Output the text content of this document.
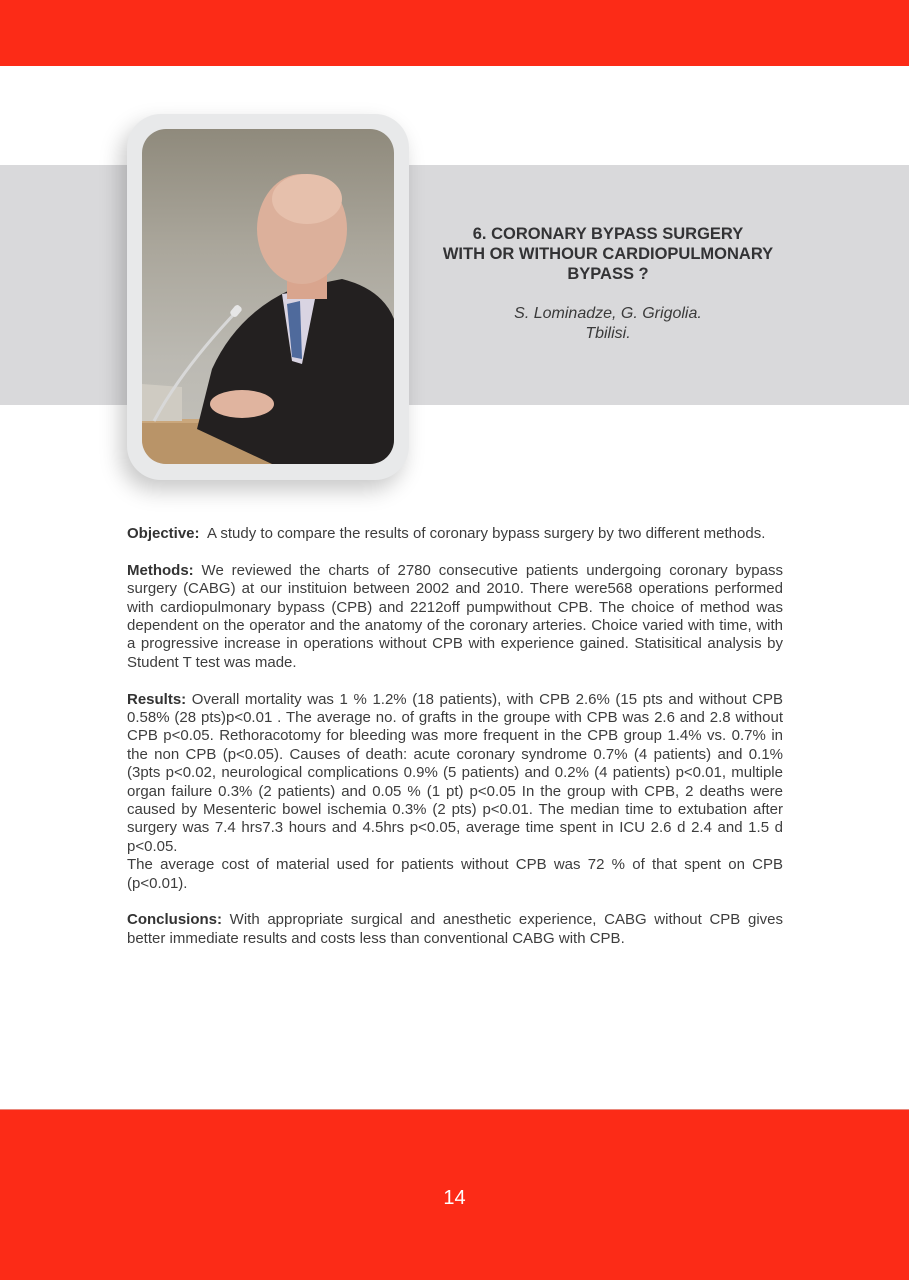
6. CORONARY BYPASS SURGERY
WITH OR WITHOUR CARDIOPULMONARY
BYPASS ?
S. Lominadze, G. Grigolia.
Tbilisi.

Objective:  A study to compare the results of coronary bypass surgery by two different methods.

Methods: We reviewed the charts of 2780 consecutive patients undergoing coronary bypass surgery (CABG) at our instituion between 2002 and 2010. There were568 operations performed with cardiopulmonary bypass (CPB) and 2212off pumpwithout CPB. The choice of method was dependent on the operator and the anatomy of the coronary arteries. Choice varied with time, with a progressive increase in operations without CPB with experience gained. Statisitical analysis by Student T test was made.

Results: Overall mortality was 1 % 1.2% (18 patients), with CPB 2.6% (15 pts and without CPB 0.58% (28 pts)p<0.01 . The average no. of grafts in the groupe with CPB was 2.6 and 2.8 without CPB p<0.05. Rethoracotomy for bleeding was more frequent in the CPB group 1.4% vs. 0.7% in the non CPB (p<0.05). Causes of death: acute coronary syndrome 0.7% (4 patients) and 0.1% (3pts p<0.02, neurological complications 0.9% (5 patients) and 0.2% (4 patients) p<0.01, multiple organ failure 0.3% (2 patients) and 0.05 % (1 pt) p<0.05 In the group with CPB, 2 deaths were caused by Mesenteric bowel ischemia 0.3% (2 pts) p<0.01. The median time to extubation after surgery was 7.4 hrs7.3 hours and 4.5hrs p<0.05, average time spent in ICU 2.6 d 2.4 and 1.5 d p<0.05.

The average cost of material used for patients without CPB was 72 % of that spent on CPB (p<0.01).

Conclusions: With appropriate surgical and anesthetic experience, CABG without CPB gives better immediate results and costs less than conventional CABG with CPB.

14
